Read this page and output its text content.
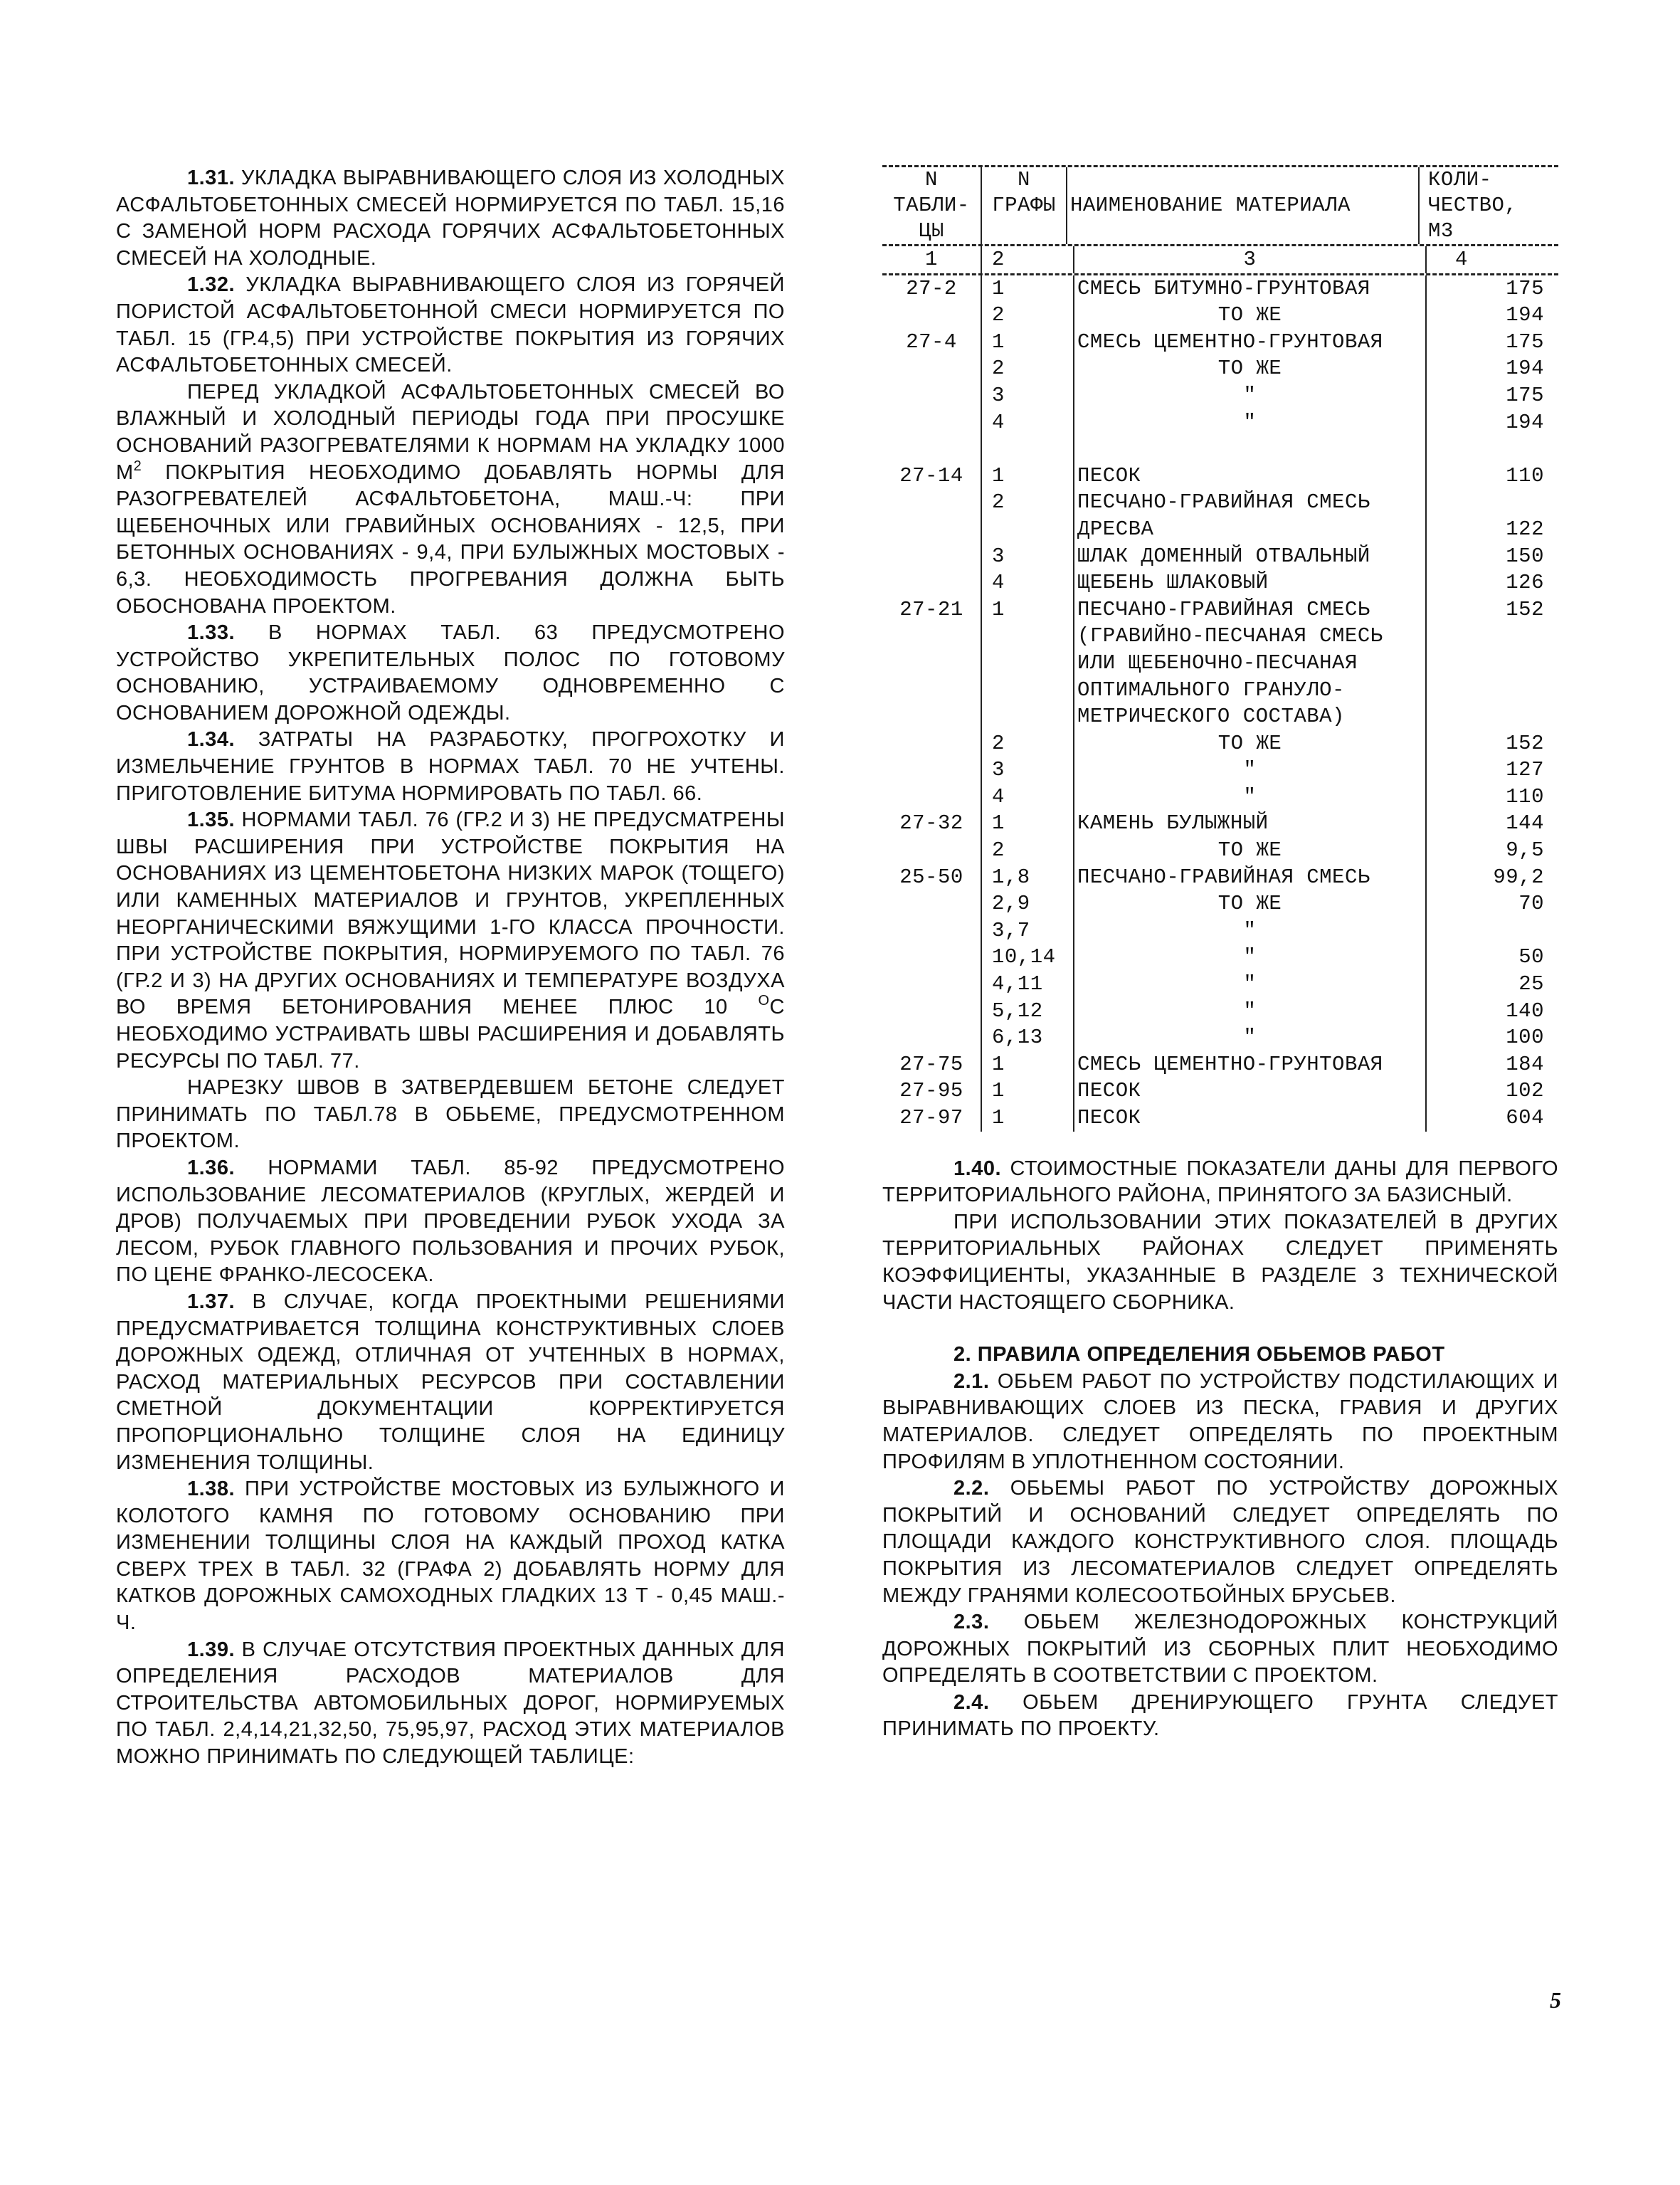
1.31. УКЛАДКА ВЫРАВНИВАЮЩЕГО СЛОЯ ИЗ ХОЛОДНЫХ АСФАЛЬТОБЕТОННЫХ СМЕСЕЙ НОРМИРУЕТСЯ ПО ТАБЛ. 15,16 С ЗАМЕНОЙ НОРМ РАСХОДА ГОРЯЧИХ АСФАЛЬТОБЕТОННЫХ СМЕСЕЙ НА ХОЛОДНЫЕ.

1.32. УКЛАДКА ВЫРАВНИВАЮЩЕГО СЛОЯ ИЗ ГОРЯЧЕЙ ПОРИСТОЙ АСФАЛЬТОБЕТОННОЙ СМЕСИ НОРМИРУЕТСЯ ПО ТАБЛ. 15 (ГР.4,5) ПРИ УСТРОЙСТВЕ ПОКРЫТИЯ ИЗ ГОРЯЧИХ АСФАЛЬТОБЕТОННЫХ СМЕСЕЙ.

ПЕРЕД УКЛАДКОЙ АСФАЛЬТОБЕТОННЫХ СМЕСЕЙ ВО ВЛАЖНЫЙ И ХОЛОДНЫЙ ПЕРИОДЫ ГОДА ПРИ ПРОСУШКЕ ОСНОВАНИЙ РАЗОГРЕВАТЕЛЯМИ К НОРМАМ НА УКЛАДКУ 1000 $М^2$ ПОКРЫТИЯ НЕОБХОДИМО ДОБАВЛЯТЬ НОРМЫ ДЛЯ РАЗОГРЕВАТЕЛЕЙ АСФАЛЬТОБЕТОНА, МАШ.-Ч: ПРИ ЩЕБЕНОЧНЫХ ИЛИ ГРАВИЙНЫХ ОСНОВАНИЯХ - 12,5, ПРИ БЕТОННЫХ ОСНОВАНИЯХ - 9,4, ПРИ БУЛЫЖНЫХ МОСТОВЫХ - 6,3. НЕОБХОДИМОСТЬ ПРОГРЕВАНИЯ ДОЛЖНА БЫТЬ ОБОСНОВАНА ПРОЕКТОМ.

1.33. В НОРМАХ ТАБЛ. 63 ПРЕДУСМОТРЕНО УСТРОЙСТВО УКРЕПИТЕЛЬНЫХ ПОЛОС ПО ГОТОВОМУ ОСНОВАНИЮ, УСТРАИВАЕМОМУ ОДНОВРЕМЕННО С ОСНОВАНИЕМ ДОРОЖНОЙ ОДЕЖДЫ.

1.34. ЗАТРАТЫ НА РАЗРАБОТКУ, ПРОГРОХОТКУ И ИЗМЕЛЬЧЕНИЕ ГРУНТОВ В НОРМАХ ТАБЛ. 70 НЕ УЧТЕНЫ. ПРИГОТОВЛЕНИЕ БИТУМА НОРМИРОВАТЬ ПО ТАБЛ. 66.

1.35. НОРМАМИ ТАБЛ. 76 (ГР.2 И 3) НЕ ПРЕДУСМАТРЕНЫ ШВЫ РАСШИРЕНИЯ ПРИ УСТРОЙСТВЕ ПОКРЫТИЯ НА ОСНОВАНИЯХ ИЗ ЦЕМЕНТОБЕТОНА НИЗКИХ МАРОК (ТОЩЕГО) ИЛИ КАМЕННЫХ МАТЕРИАЛОВ И ГРУНТОВ, УКРЕПЛЕННЫХ НЕОРГАНИЧЕСКИМИ ВЯЖУЩИМИ 1-ГО КЛАССА ПРОЧНОСТИ. ПРИ УСТРОЙСТВЕ ПОКРЫТИЯ, НОРМИРУЕМОГО ПО ТАБЛ. 76 (ГР.2 И 3) НА ДРУГИХ ОСНОВАНИЯХ И ТЕМПЕРАТУРЕ ВОЗДУХА ВО ВРЕМЯ БЕТОНИРОВАНИЯ МЕНЕЕ ПЛЮС 10 $^О$С НЕОБХОДИМО УСТРАИВАТЬ ШВЫ РАСШИРЕНИЯ И ДОБАВЛЯТЬ РЕСУРСЫ ПО ТАБЛ. 77.

НАРЕЗКУ ШВОВ В ЗАТВЕРДЕВШЕМ БЕТОНЕ СЛЕДУЕТ ПРИНИМАТЬ ПО ТАБЛ.78 В ОБЬЕМЕ, ПРЕДУСМОТРЕННОМ ПРОЕКТОМ.

1.36. НОРМАМИ ТАБЛ. 85-92 ПРЕДУСМОТРЕНО ИСПОЛЬЗОВАНИЕ ЛЕСОМАТЕРИАЛОВ (КРУГЛЫХ, ЖЕРДЕЙ И ДРОВ) ПОЛУЧАЕМЫХ ПРИ ПРОВЕДЕНИИ РУБОК УХОДА ЗА ЛЕСОМ, РУБОК ГЛАВНОГО ПОЛЬЗОВАНИЯ И ПРОЧИХ РУБОК, ПО ЦЕНЕ ФРАНКО-ЛЕСОСЕКА.

1.37. В СЛУЧАЕ, КОГДА ПРОЕКТНЫМИ РЕШЕНИЯМИ ПРЕДУСМАТРИВАЕТСЯ ТОЛЩИНА КОНСТРУКТИВНЫХ СЛОЕВ ДОРОЖНЫХ ОДЕЖД, ОТЛИЧНАЯ ОТ УЧТЕННЫХ В НОРМАХ, РАСХОД МАТЕРИАЛЬНЫХ РЕСУРСОВ ПРИ СОСТАВЛЕНИИ СМЕТНОЙ ДОКУМЕНТАЦИИ КОРРЕКТИРУЕТСЯ ПРОПОРЦИОНАЛЬНО ТОЛЩИНЕ СЛОЯ НА ЕДИНИЦУ ИЗМЕНЕНИЯ ТОЛЩИНЫ.

1.38. ПРИ УСТРОЙСТВЕ МОСТОВЫХ ИЗ БУЛЫЖНОГО И КОЛОТОГО КАМНЯ ПО ГОТОВОМУ ОСНОВАНИЮ ПРИ ИЗМЕНЕНИИ ТОЛЩИНЫ СЛОЯ НА КАЖДЫЙ ПРОХОД КАТКА СВЕРХ ТРЕХ В ТАБЛ. 32 (ГРАФА 2) ДОБАВЛЯТЬ НОРМУ ДЛЯ КАТКОВ ДОРОЖНЫХ САМОХОДНЫХ ГЛАДКИХ 13 Т - 0,45 МАШ.-Ч.

1.39. В СЛУЧАЕ ОТСУТСТВИЯ ПРОЕКТНЫХ ДАННЫХ ДЛЯ ОПРЕДЕЛЕНИЯ РАСХОДОВ МАТЕРИАЛОВ ДЛЯ СТРОИТЕЛЬСТВА АВТОМОБИЛЬНЫХ ДОРОГ, НОРМИРУЕМЫХ ПО ТАБЛ. 2,4,14,21,32,50, 75,95,97, РАСХОД ЭТИХ МАТЕРИАЛОВ МОЖНО ПРИНИМАТЬ ПО СЛЕДУЮЩЕЙ ТАБЛИЦЕ:

N ТАБЛИ-ЦЫ	N ГРАФЫ	НАИМЕНОВАНИЕ МАТЕРИАЛА	КОЛИ-ЧЕСТВО, М3
1	2	3	4
27-2	1	СМЕСЬ БИТУМНО-ГРУНТОВАЯ	175
	2	ТО ЖЕ	194
27-4	1	СМЕСЬ ЦЕМЕНТНО-ГРУНТОВАЯ	175
	2	ТО ЖЕ	194
	3	"	175
	4	"	194

27-14	1	ПЕСОК	110
	2	ПЕСЧАНО-ГРАВИЙНАЯ СМЕСЬ	
		ДРЕСВА	122
	3	ШЛАК ДОМЕННЫЙ ОТВАЛЬНЫЙ	150
	4	ЩЕБЕНЬ ШЛАКОВЫЙ	126
27-21	1	ПЕСЧАНО-ГРАВИЙНАЯ СМЕСЬ	152
		(ГРАВИЙНО-ПЕСЧАНАЯ СМЕСЬ	
		ИЛИ ЩЕБЕНОЧНО-ПЕСЧАНАЯ	
		ОПТИМАЛЬНОГО ГРАНУЛО-	
		МЕТРИЧЕСКОГО СОСТАВА)	
	2	ТО ЖЕ	152
	3	"	127
	4	"	110
27-32	1	КАМЕНЬ БУЛЫЖНЫЙ	144
	2	ТО ЖЕ	9,5
25-50	1,8	ПЕСЧАНО-ГРАВИЙНАЯ СМЕСЬ	99,2
	2,9	ТО ЖЕ	70
	3,7	"	
	10,14	"	50
	4,11	"	25
	5,12	"	140
	6,13	"	100
27-75	1	СМЕСЬ ЦЕМЕНТНО-ГРУНТОВАЯ	184
27-95	1	ПЕСОК	102
27-97	1	ПЕСОК	604

1.40. СТОИМОСТНЫЕ ПОКАЗАТЕЛИ ДАНЫ ДЛЯ ПЕРВОГО ТЕРРИТОРИАЛЬНОГО РАЙОНА, ПРИНЯТОГО ЗА БАЗИСНЫЙ.

ПРИ ИСПОЛЬЗОВАНИИ ЭТИХ ПОКАЗАТЕЛЕЙ В ДРУГИХ ТЕРРИТОРИАЛЬНЫХ РАЙОНАХ СЛЕДУЕТ ПРИМЕНЯТЬ КОЭФФИЦИЕНТЫ, УКАЗАННЫЕ В РАЗДЕЛЕ 3 ТЕХНИЧЕСКОЙ ЧАСТИ НАСТОЯЩЕГО СБОРНИКА.

2. ПРАВИЛА ОПРЕДЕЛЕНИЯ ОБЬЕМОВ РАБОТ

2.1. ОБЬЕМ РАБОТ ПО УСТРОЙСТВУ ПОДСТИЛАЮЩИХ И ВЫРАВНИВАЮЩИХ СЛОЕВ ИЗ ПЕСКА, ГРАВИЯ И ДРУГИХ МАТЕРИАЛОВ. СЛЕДУЕТ ОПРЕДЕЛЯТЬ ПО ПРОЕКТНЫМ ПРОФИЛЯМ В УПЛОТНЕННОМ СОСТОЯНИИ.

2.2. ОБЬЕМЫ РАБОТ ПО УСТРОЙСТВУ ДОРОЖНЫХ ПОКРЫТИЙ И ОСНОВАНИЙ СЛЕДУЕТ ОПРЕДЕЛЯТЬ ПО ПЛОЩАДИ КАЖДОГО КОНСТРУКТИВНОГО СЛОЯ. ПЛОЩАДЬ ПОКРЫТИЯ ИЗ ЛЕСОМАТЕРИАЛОВ СЛЕДУЕТ ОПРЕДЕЛЯТЬ МЕЖДУ ГРАНЯМИ КОЛЕСООТБОЙНЫХ БРУСЬЕВ.

2.3. ОБЬЕМ ЖЕЛЕЗНОДОРОЖНЫХ КОНСТРУКЦИЙ ДОРОЖНЫХ ПОКРЫТИЙ ИЗ СБОРНЫХ ПЛИТ НЕОБХОДИМО ОПРЕДЕЛЯТЬ В СООТВЕТСТВИИ С ПРОЕКТОМ.

2.4. ОБЬЕМ ДРЕНИРУЮЩЕГО ГРУНТА СЛЕДУЕТ ПРИНИМАТЬ ПО ПРОЕКТУ.

5
